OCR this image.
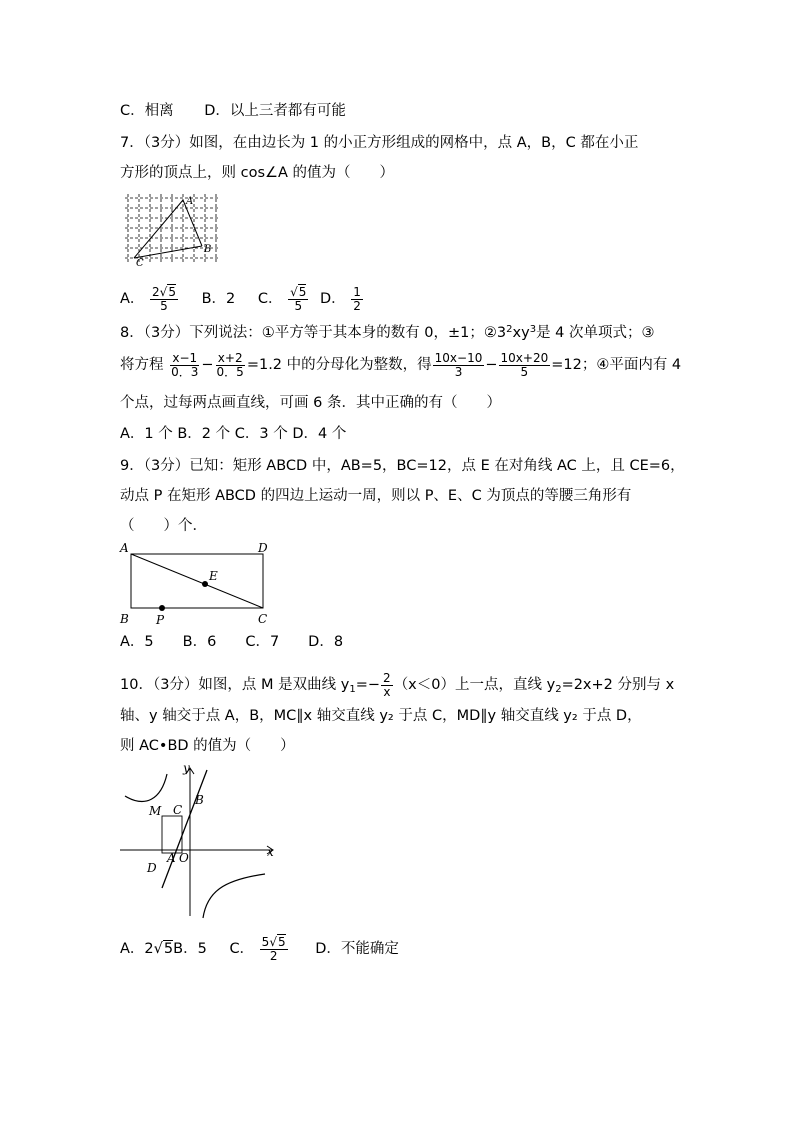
C．相离 D．以上三者都有可能
7．（3分）如图，在由边长为 1 的小正方形组成的网格中，点 A，B，C 都在小正
方形的顶点上，则 cos∠A 的值为（　　）
A
B
C
A． $\frac{2√5}{5}$ B．2 C． $\frac{√5}{5}$ D． $\frac{1}{2}$
8．（3分）下列说法：①平方等于其本身的数有 0，±1；$②3^2xy^3$是 4 次单项式；③
将方程 $\frac{x-1}{0.3} - \frac{x+2}{0.5} =1.2$ 中的分母化为整数，得 $\frac{10x-10}{3} - \frac{10x+20}{5} =12$；④平面内有 4
个点，过每两点画直线，可画 6 条．其中正确的有（　　）
A．1 个 B．2 个 C．3 个 D．4 个
9．（3分）已知：矩形 ABCD 中，AB=5，BC=12，点 E 在对角线 AC 上，且 CE=6，
动点 P 在矩形 ABCD 的四边上运动一周，则以 P、E、C 为顶点的等腰三角形有
（　　）个．
A	D
B	C
E
P
A．5　　B．6　　C．7　　D．8
10．（3分）如图，点 M 是双曲线 $y_1=- \frac{2}{x} (x<0)$上一点，直线 $y_2=2x+2$ 分别与 x
轴、y 轴交于点 A，B，MC∥x 轴交直线 y₂ 于点 C，MD∥y 轴交直线 y₂ 于点 D，
则 AC•BD 的值为（　　）
y
x
M C
B
D
A O
A．2√5B．5 C． $\frac{5√5}{2}$ D．不能确定
